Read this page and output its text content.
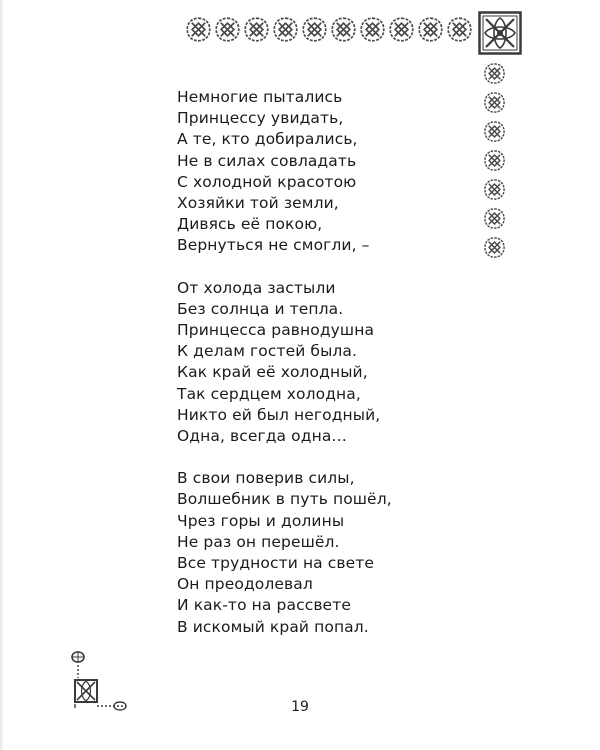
Немногие пытались
Принцессу увидать,
А те, кто добирались,
Не в силах совладать
С холодной красотою
Хозяйки той земли,
Дивясь её покою,
Вернуться не смогли, –
От холода застыли
Без солнца и тепла.
Принцесса равнодушна
К делам гостей была.
Как край её холодный,
Так сердцем холодна,
Никто ей был негодный,
Одна, всегда одна…
В свои поверив силы,
Волшебник в путь пошёл,
Чрез горы и долины
Не раз он перешёл.
Все трудности на свете
Он преодолевал
И как-то на рассвете
В искомый край попал.
19
